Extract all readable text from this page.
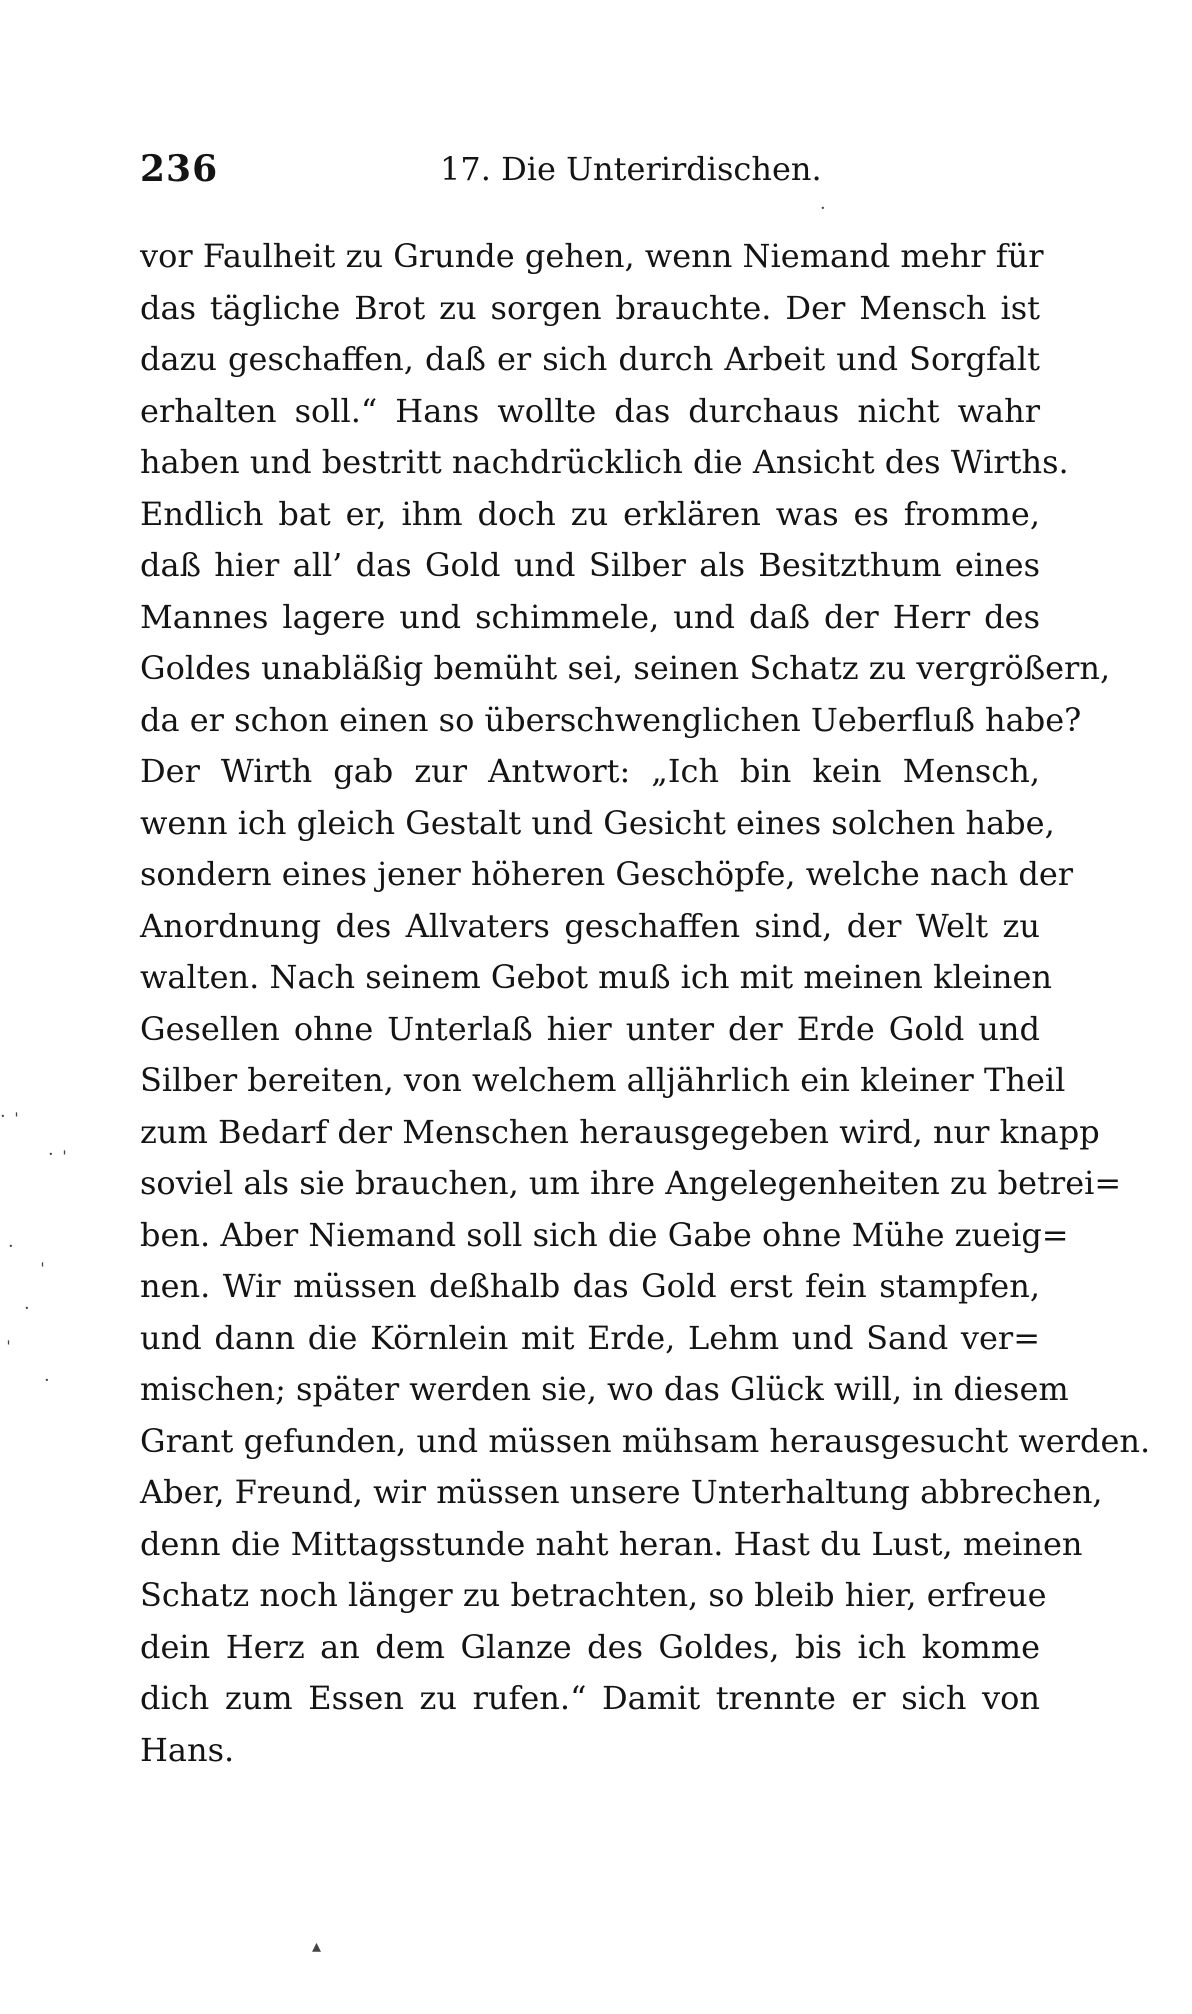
236	17. Die Unterirdischen.
vor Faulheit zu Grunde gehen, wenn Niemand mehr für
das tägliche Brot zu sorgen brauchte. Der Mensch ist
dazu geschaffen, daß er sich durch Arbeit und Sorgfalt
erhalten soll.“ Hans wollte das durchaus nicht wahr
haben und bestritt nachdrücklich die Ansicht des Wirths.
Endlich bat er, ihm doch zu erklären was es fromme,
daß hier all’ das Gold und Silber als Besitzthum eines
Mannes lagere und schimmele, und daß der Herr des
Goldes unabläßig bemüht sei, seinen Schatz zu vergrößern,
da er schon einen so überschwenglichen Ueberfluß habe?
Der Wirth gab zur Antwort: „Ich bin kein Mensch,
wenn ich gleich Gestalt und Gesicht eines solchen habe,
sondern eines jener höheren Geschöpfe, welche nach der
Anordnung des Allvaters geschaffen sind, der Welt zu
walten. Nach seinem Gebot muß ich mit meinen kleinen
Gesellen ohne Unterlaß hier unter der Erde Gold und
Silber bereiten, von welchem alljährlich ein kleiner Theil
zum Bedarf der Menschen herausgegeben wird, nur knapp
soviel als sie brauchen, um ihre Angelegenheiten zu betrei=
ben. Aber Niemand soll sich die Gabe ohne Mühe zueig=
nen. Wir müssen deßhalb das Gold erst fein stampfen,
und dann die Körnlein mit Erde, Lehm und Sand ver=
mischen; später werden sie, wo das Glück will, in diesem
Grant gefunden, und müssen mühsam herausgesucht werden.
Aber, Freund, wir müssen unsere Unterhaltung abbrechen,
denn die Mittagsstunde naht heran. Hast du Lust, meinen
Schatz noch länger zu betrachten, so bleib hier, erfreue
dein Herz an dem Glanze des Goldes, bis ich komme
dich zum Essen zu rufen.“ Damit trennte er sich von
Hans.
· ˈ
· ˈ
·
ˈ
·
ˈ
·
▴
·
